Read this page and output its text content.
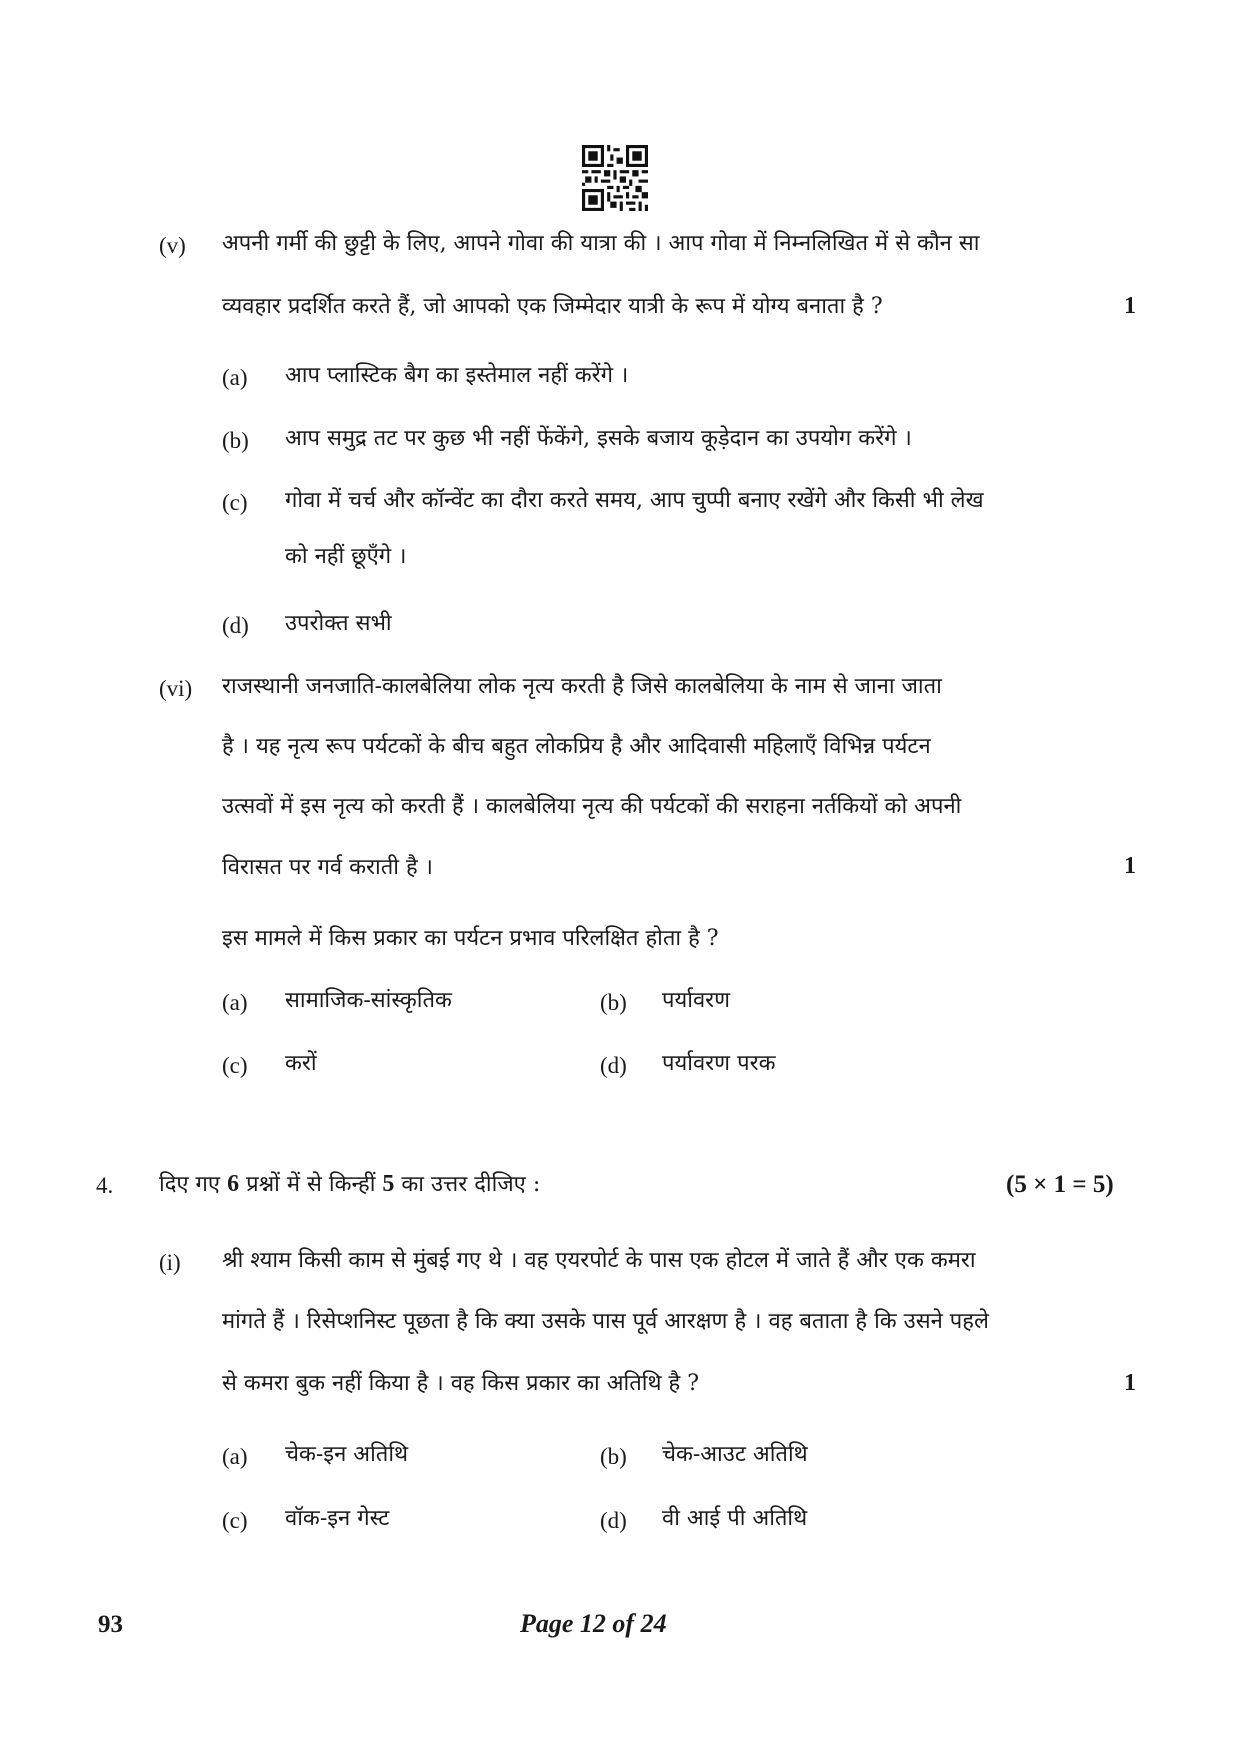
(v) अपनी गर्मी की छुट्टी के लिए, आपने गोवा की यात्रा की । आप गोवा में निम्नलिखित में से कौन सा
व्यवहार प्रदर्शित करते हैं, जो आपको एक जिम्मेदार यात्री के रूप में योग्य बनाता है ?	1
(a) आप प्लास्टिक बैग का इस्तेमाल नहीं करेंगे ।
(b) आप समुद्र तट पर कुछ भी नहीं फेंकेंगे, इसके बजाय कूड़ेदान का उपयोग करेंगे ।
(c) गोवा में चर्च और कॉन्वेंट का दौरा करते समय, आप चुप्पी बनाए रखेंगे और किसी भी लेख
को नहीं छूएँगे ।
(d) उपरोक्त सभी
(vi) राजस्थानी जनजाति-कालबेलिया लोक नृत्य करती है जिसे कालबेलिया के नाम से जाना जाता
है । यह नृत्य रूप पर्यटकों के बीच बहुत लोकप्रिय है और आदिवासी महिलाएँ विभिन्न पर्यटन
उत्सवों में इस नृत्य को करती हैं । कालबेलिया नृत्य की पर्यटकों की सराहना नर्तकियों को अपनी
विरासत पर गर्व कराती है ।	1
इस मामले में किस प्रकार का पर्यटन प्रभाव परिलक्षित होता है ?
(a) सामाजिक-सांस्कृतिक	(b) पर्यावरण
(c) करों	(d) पर्यावरण परक
4. दिए गए 6 प्रश्नों में से किन्हीं 5 का उत्तर दीजिए :	(5 × 1 = 5)
(i) श्री श्याम किसी काम से मुंबई गए थे । वह एयरपोर्ट के पास एक होटल में जाते हैं और एक कमरा
मांगते हैं । रिसेप्शनिस्ट पूछता है कि क्या उसके पास पूर्व आरक्षण है । वह बताता है कि उसने पहले
से कमरा बुक नहीं किया है । वह किस प्रकार का अतिथि है ?	1
(a) चेक-इन अतिथि	(b) चेक-आउट अतिथि
(c) वॉक-इन गेस्ट	(d) वी आई पी अतिथि
93	Page 12 of 24
